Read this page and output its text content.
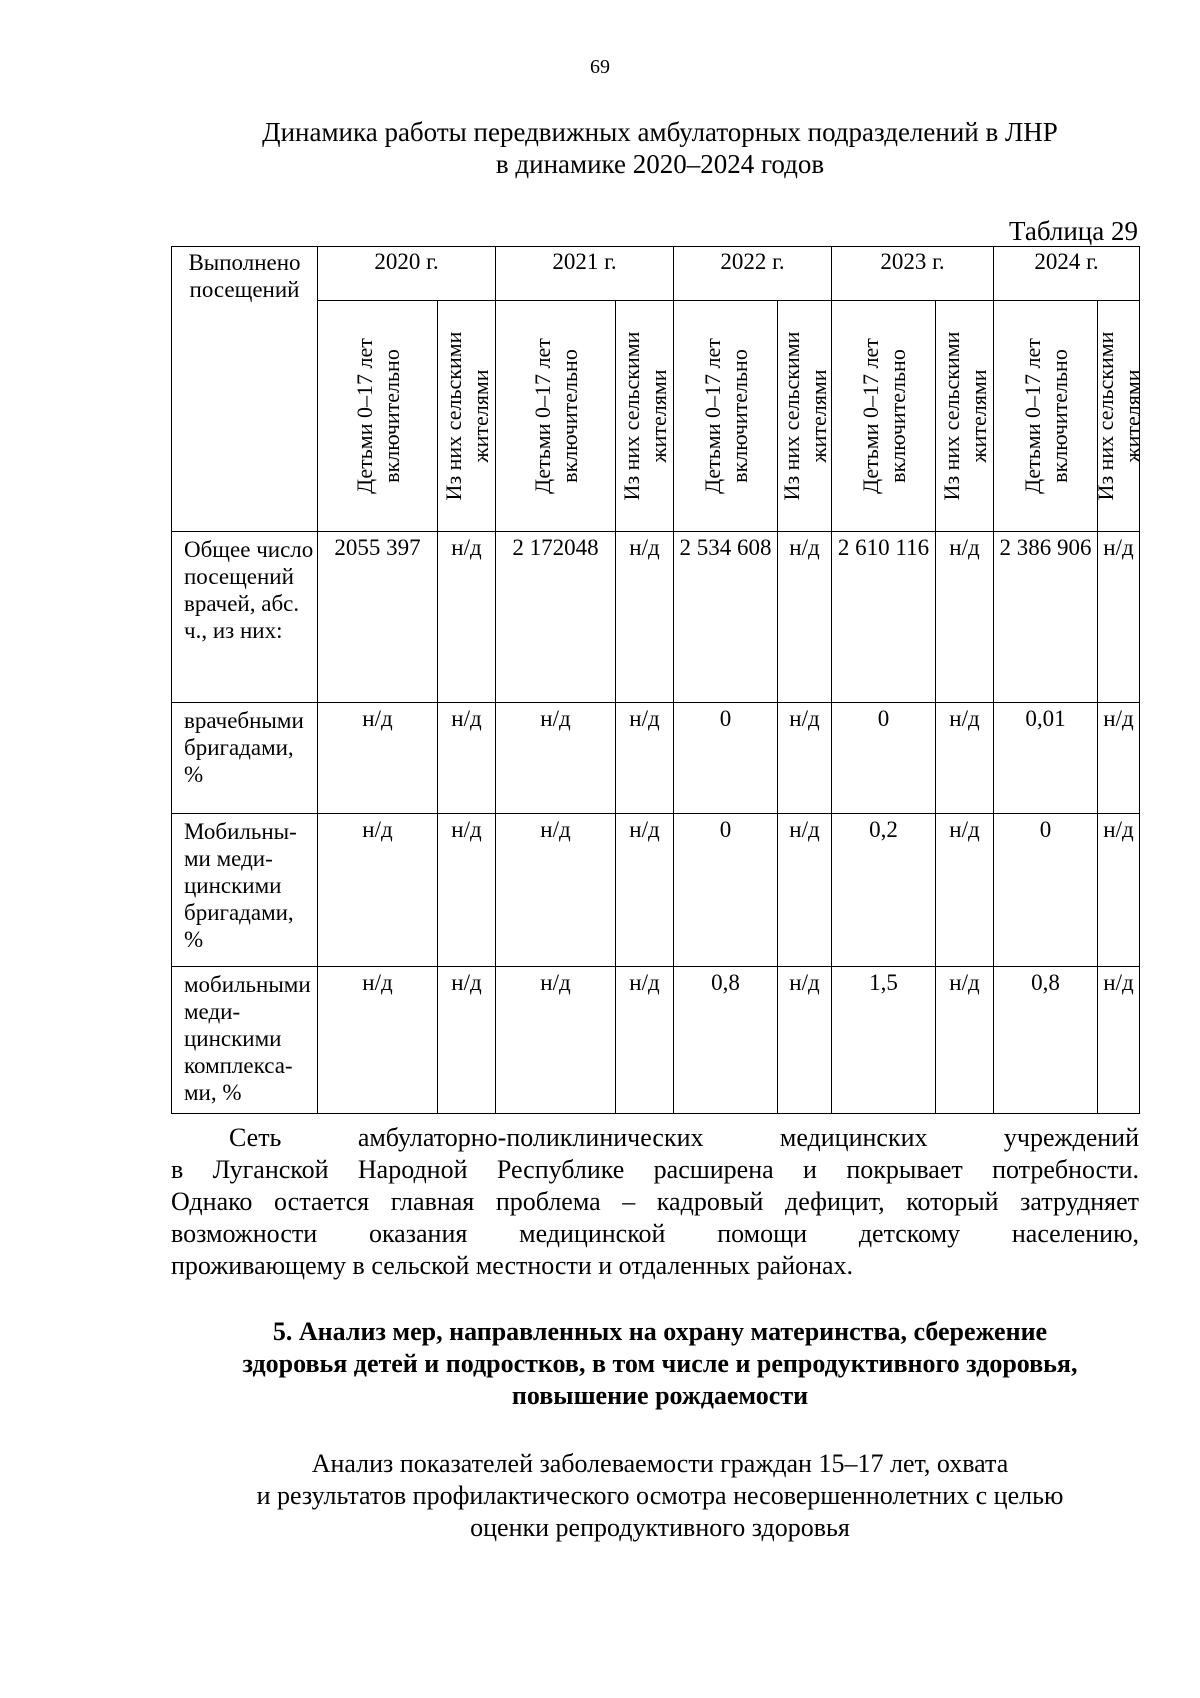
69
Динамика работы передвижных амбулаторных подразделений в ЛНР
в динамике 2020–2024 годов
Таблица 29
Выполнено посещений	2020 г.		2021 г.		2022 г.		2023 г.		2024 г.	

	Детьми 0–17 лет включительно	Из них сельскими жителями	Детьми 0–17 лет включительно	Из них сельскими жителями	Детьми 0–17 лет включительно	Из них сельскими жителями	Детьми 0–17 лет включительно	Из них сельскими жителями	Детьми 0–17 лет включительно	Из них сельскими жителями

Общее число посещений врачей, абс. ч., из них:	2055 397	н/д	2 172048	н/д	2 534 608	н/д	2 610 116	н/д	2 386 906	н/д
врачебными бригадами, %	н/д	н/д	н/д	н/д	0	н/д	0	н/д	0,01	н/д
Мобильны-ми меди-цинскими бригадами, %	н/д	н/д	н/д	н/д	0	н/д	0,2	н/д	0	н/д
мобильными меди-цинскими комплекса-ми, %	н/д	н/д	н/д	н/д	0,8	н/д	1,5	н/д	0,8	н/д
Сеть амбулаторно-поликлинических медицинских учреждений
в Луганской Народной Республике расширена и покрывает потребности.
Однако остается главная проблема – кадровый дефицит, который затрудняет
возможности оказания медицинской помощи детскому населению,
проживающему в сельской местности и отдаленных районах.
5. Анализ мер, направленных на охрану материнства, сбережение
здоровья детей и подростков, в том числе и репродуктивного здоровья,
повышение рождаемости
Анализ показателей заболеваемости граждан 15–17 лет, охвата
и результатов профилактического осмотра несовершеннолетних с целью
оценки репродуктивного здоровья
